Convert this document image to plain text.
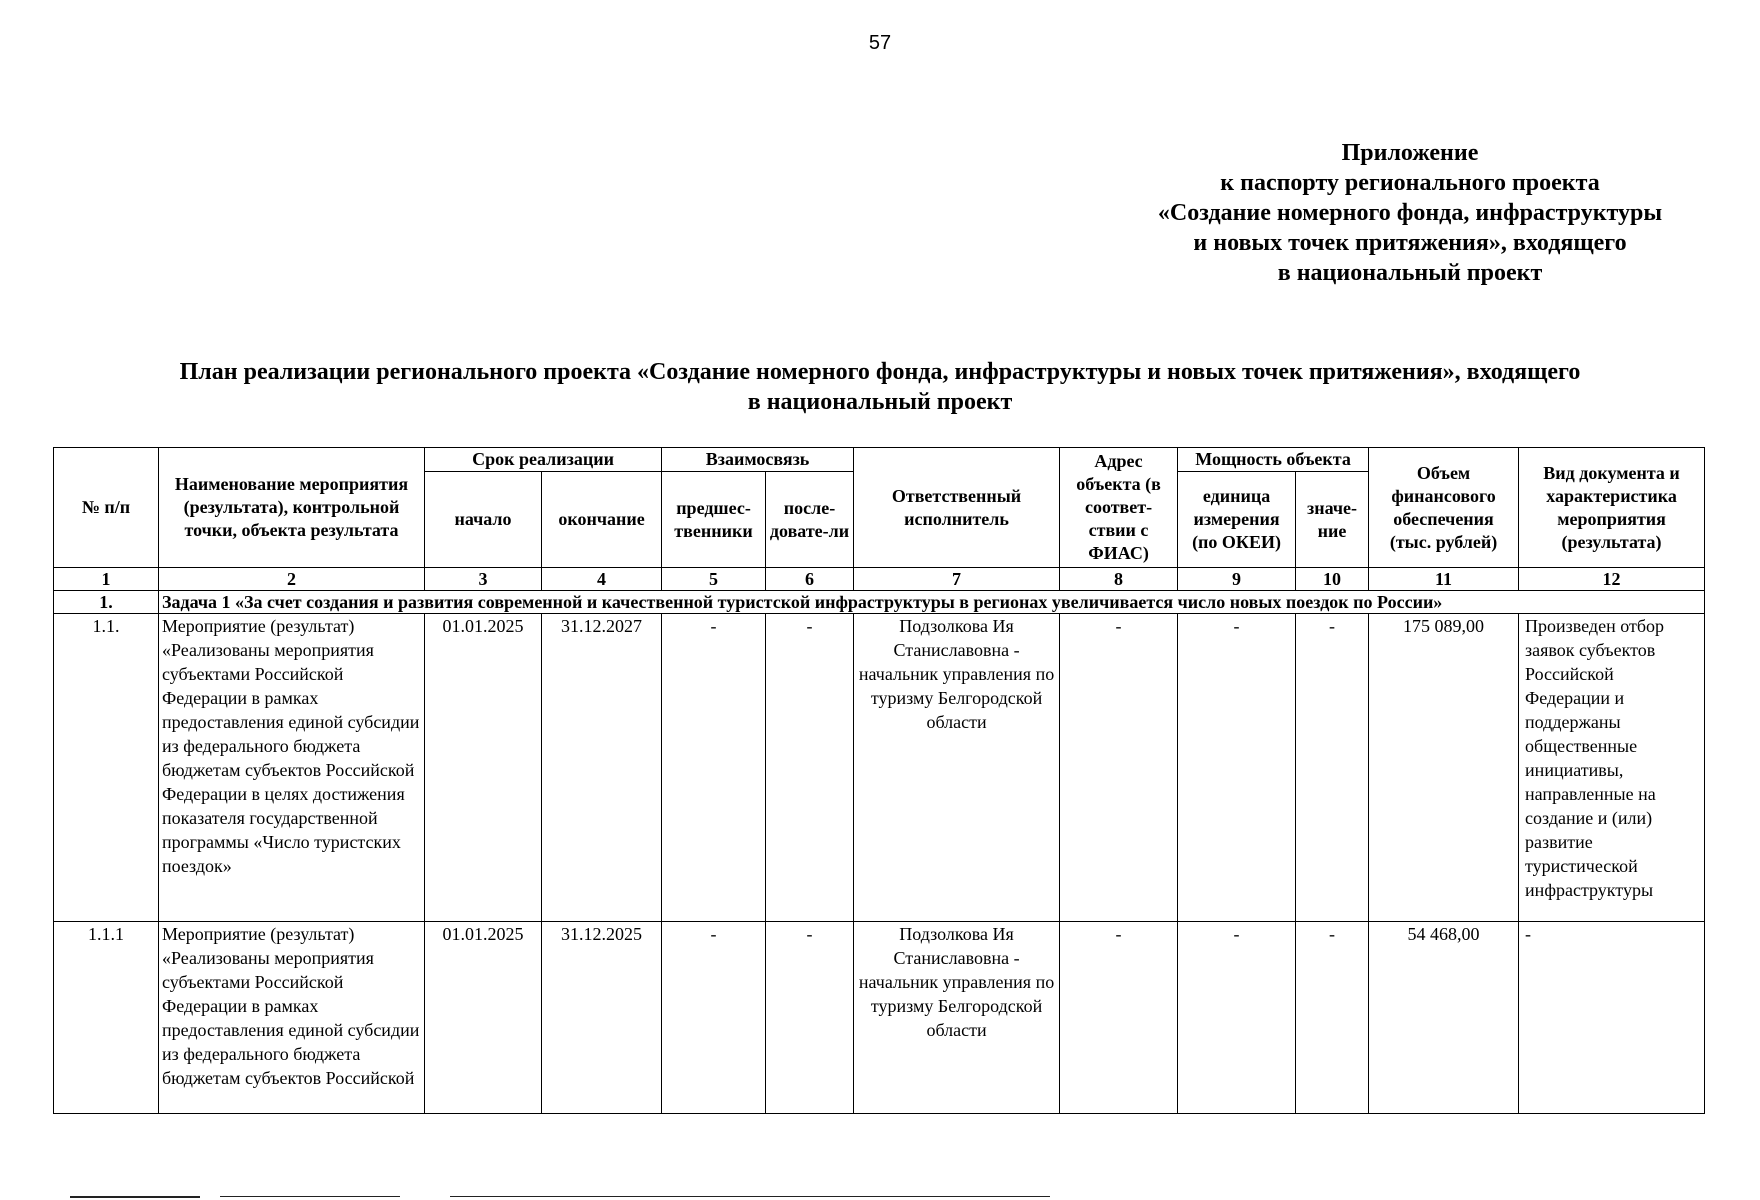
57
Приложение
к паспорту регионального проекта
«Создание номерного фонда, инфраструктуры
и новых точек притяжения», входящего
в национальный проект
План реализации регионального проекта «Создание номерного фонда, инфраструктуры и новых точек притяжения», входящего
в национальный проект
№ п/п	Наименование мероприятия (результата), контрольной точки, объекта результата	Срок реализации		Взаимосвязь		Ответственный исполнитель	Адрес объекта (в соответ-ствии с ФИАС)	Мощность объекта		Объем финансового обеспечения (тыс. рублей)	Вид документа и характеристика мероприятия (результата)
		начало	окончание	предшес-твенники	после-довате-ли			единица измерения (по ОКЕИ)	значе-ние		
1	2	3	4	5	6	7	8	9	10	11	12
1.	Задача 1 «За счет создания и развития современной и качественной туристской инфраструктуры в регионах увеличивается число новых поездок по России»										
1.1.	Мероприятие (результат) «Реализованы мероприятия субъектами Российской Федерации в рамках предоставления единой субсидии из федерального бюджета бюджетам субъектов Российской Федерации в целях достижения показателя государственной программы «Число туристских поездок»	01.01.2025	31.12.2027	-	-	Подзолкова Ия Станиславовна - начальник управления по туризму Белгородской области	-	-	-	175 089,00	Произведен отбор заявок субъектов Российской Федерации и поддержаны общественные инициативы, направленные на создание и (или) развитие туристической инфраструктуры
1.1.1	Мероприятие (результат) «Реализованы мероприятия субъектами Российской Федерации в рамках предоставления единой субсидии из федерального бюджета бюджетам субъектов Российской	01.01.2025	31.12.2025	-	-	Подзолкова Ия Станиславовна - начальник управления по туризму Белгородской области	-	-	-	54 468,00	-
